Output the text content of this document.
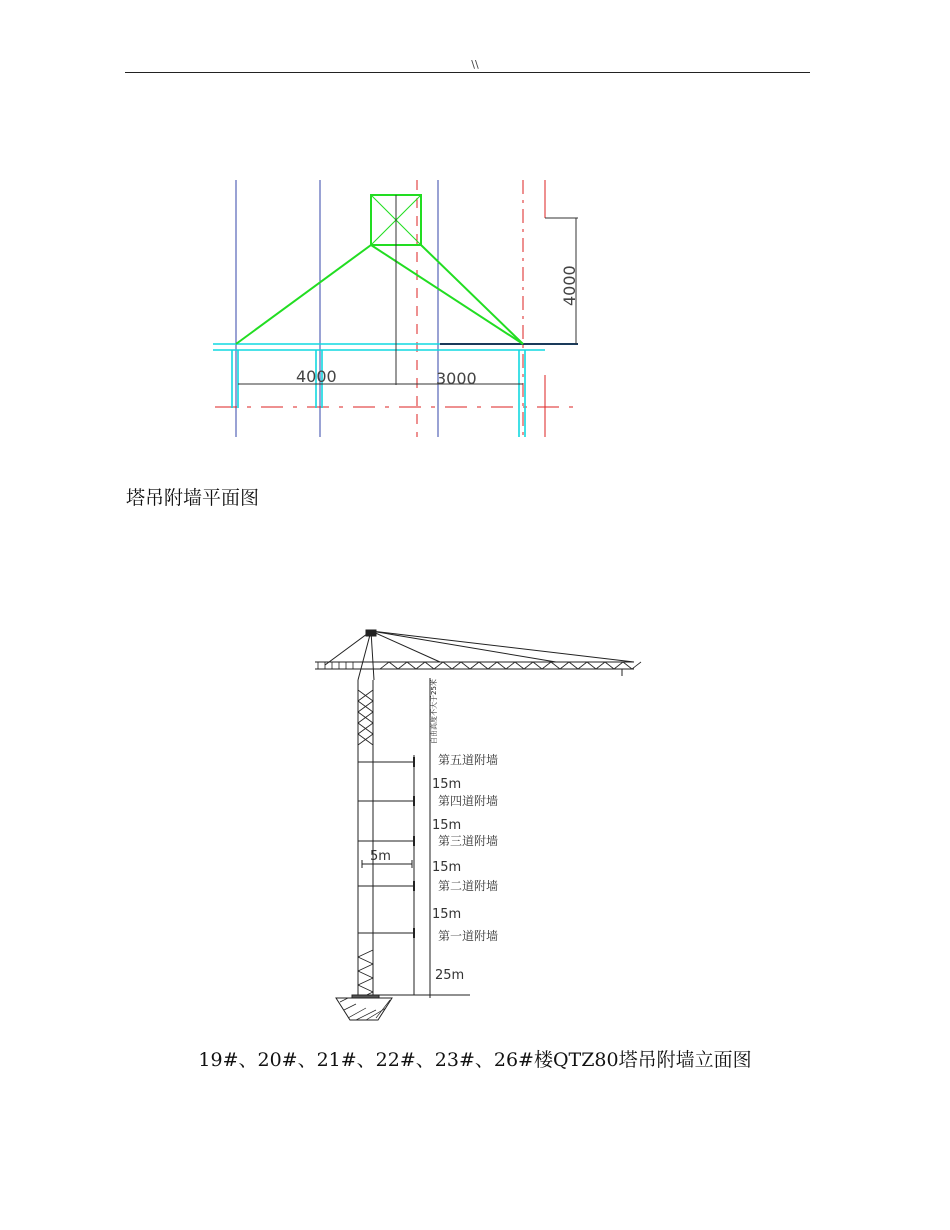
\\
4000	3000
4000
自由高度不大于25米
第五道附墙
15m
第四道附墙
15m
第三道附墙
5m
15m
第二道附墙
15m
第一道附墙
25m
塔吊附墙平面图
19#、20#、21#、22#、23#、26#楼QTZ80塔吊附墙立面图
